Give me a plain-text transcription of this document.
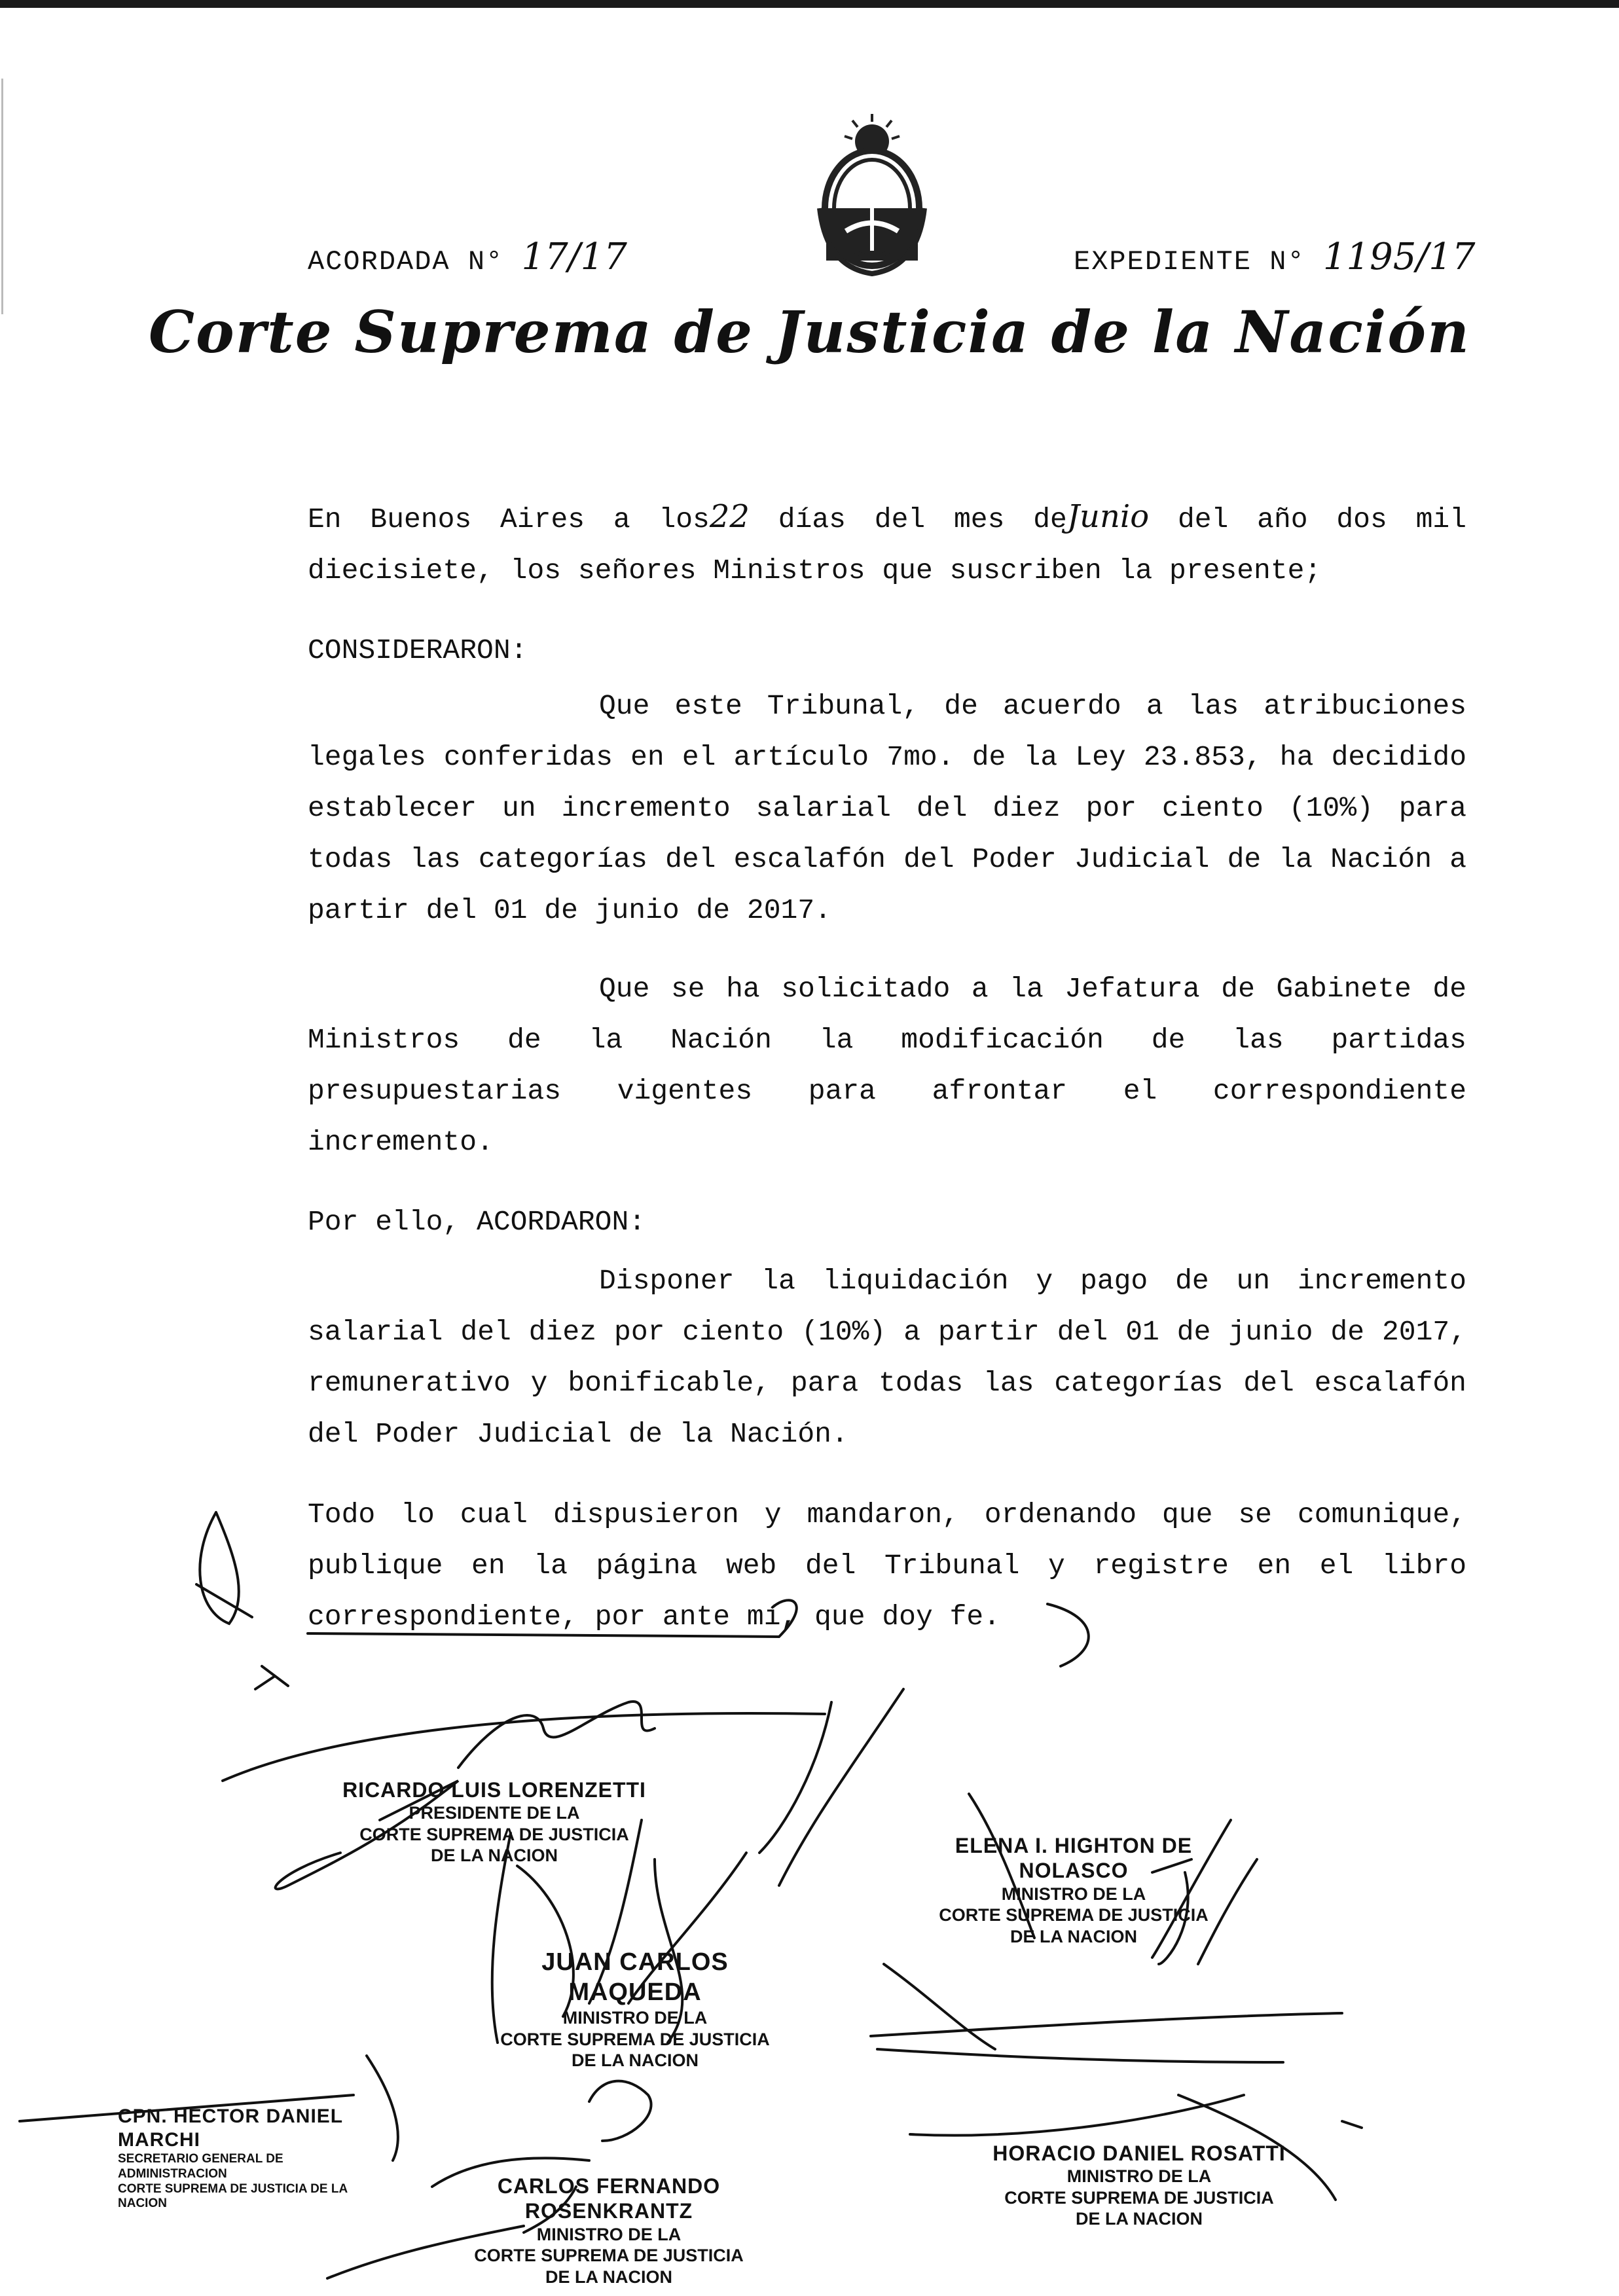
ACORDADA N° 17/17	EXPEDIENTE N° 1195/17
Corte Suprema de Justicia de la Nación

En Buenos Aires a los22 días del mes deJunio del año dos mil diecisiete, los señores Ministros que suscriben la presente;

CONSIDERARON:

Que este Tribunal, de acuerdo a las atribuciones legales conferidas en el artículo 7mo. de la Ley 23.853, ha decidido establecer un incremento salarial del diez por ciento (10%) para todas las categorías del escalafón del Poder Judicial de la Nación a partir del 01 de junio de 2017.

Que se ha solicitado a la Jefatura de Gabinete de Ministros de la Nación la modificación de las partidas presupuestarias vigentes para afrontar el correspondiente incremento.

Por ello, ACORDARON:

Disponer la liquidación y pago de un incremento salarial del diez por ciento (10%) a partir del 01 de junio de 2017, remunerativo y bonificable, para todas las categorías del escalafón del Poder Judicial de la Nación.

Todo lo cual dispusieron y mandaron, ordenando que se comunique, publique en la página web del Tribunal y registre en el libro correspondiente, por ante mí, que doy fe.

RICARDO LUIS LORENZETTI
PRESIDENTE DE LA
CORTE SUPREMA DE JUSTICIA
DE LA NACION	ELENA I. HIGHTON DE NOLASCO
MINISTRO DE LA
CORTE SUPREMA DE JUSTICIA
DE LA NACION
JUAN CARLOS MAQUEDA
MINISTRO DE LA
CORTE SUPREMA DE JUSTICIA
DE LA NACION
CPN. HECTOR DANIEL MARCHI
SECRETARIO GENERAL DE ADMINISTRACION
CORTE SUPREMA DE JUSTICIA DE LA NACION
CARLOS FERNANDO ROSENKRANTZ
MINISTRO DE LA
CORTE SUPREMA DE JUSTICIA
DE LA NACION
HORACIO DANIEL ROSATTI
MINISTRO DE LA
CORTE SUPREMA DE JUSTICIA
DE LA NACION
